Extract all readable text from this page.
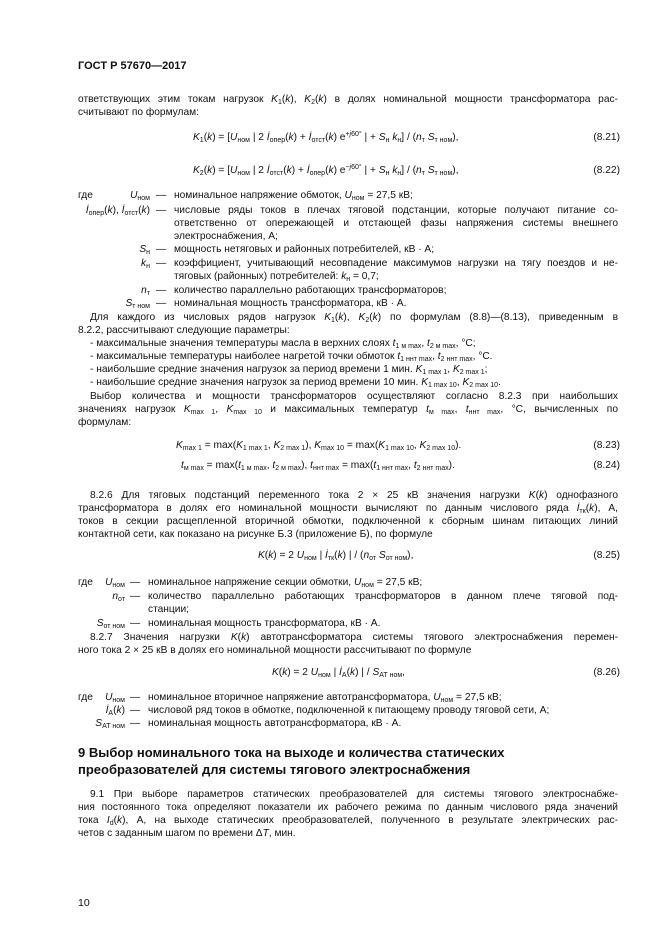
ГОСТ Р 57670—2017
ответствующих этим токам нагрузок $K_1(k)$, $K_2(k)$ в долях номинальной мощности трансформатора рас-
считывают по формулам:
$K_1(k) = [U_{ном}$ | 2 $İ_{опер}(k)$ + $İ_{отст}(k)$ $e^{+j60^\circ}$ | + $S_н$ $k_н] / (n_т$ $S_{т ном}$),	(8.21)
$K_2(k) = [U_{ном}$ | 2 $İ_{отст}(k)$ + $İ_{опер}(k)$ $e^{-j60^\circ}$ | + $S_н$ $k_н] / (n_т$ $S_{т ном}$),	(8.22)
где	$U_{ном}$ — номинальное напряжение обмоток, $U_{ном} = 27,5$ кВ;
$İ_{опер}(k)$, $İ_{отст}(k)$ — числовые ряды токов в плечах тяговой подстанции, которые получают питание со-
ответственно от опережающей и отстающей фазы напряжения системы внешнего
электроснабжения, А;
$S_н$ — мощность нетяговых и районных потребителей, кВ · А;
$k_н$ — коэффициент, учитывающий несовпадение максимумов нагрузки на тягу поездов и не-
тяговых (районных) потребителей: $k_н = 0,7$;
$n_т$ — количество параллельно работающих трансформаторов;
$S_{т ном}$ — номинальная мощность трансформатора, кВ · А.
Для каждого из числовых рядов нагрузок $K_1(k)$, $K_2(k)$ по формулам (8.8)—(8.13), приведенным в
8.2.2, рассчитывают следующие параметры:
- максимальные значения температуры масла в верхних слоях $t_{1 м max}$, $t_{2 м max}$, °С;
- максимальные температуры наиболее нагретой точки обмоток $t_{1 ннт max}$, $t_{2 ннт max}$, °С.
- наибольшие средние значения нагрузок за период времени 1 мин. $K_{1 max 1}$, $K_{2 max 1}$;
- наибольшие средние значения нагрузок за период времени 10 мин. $K_{1 max 10}$, $K_{2 max 10}$.
Выбор количества и мощности трансформаторов осуществляют согласно 8.2.3 при наибольших
значениях нагрузок $K_{max 1}$, $K_{max 10}$ и максимальных температур $t_{м max}$, $t_{ннт max}$, °С, вычисленных по
формулам:
$K_{max 1} = \max(K_{1 max 1}$, $K_{2 max 1}$), $K_{max 10} = \max(K_{1 max 10}$, $K_{2 max 10}$).	(8.23)
$t_{м max} = \max(t_{1 м max}$, $t_{2 м max}$), $t_{ннт max} = \max(t_{1 ннт max}$, $t_{2 ннт max}$).	(8.24)
8.2.6 Для тяговых подстанций переменного тока 2 × 25 кВ значения нагрузки K(k) однофазного
трансформатора в долях его номинальной мощности вычисляют по данным числового ряда $İ_{тк}(k)$, А,
токов в секции расщепленной вторичной обмотки, подключенной к сборным шинам питающих линий
контактной сети, как показано на рисунке Б.3 (приложение Б), по формуле
K(k) = 2 $U_{ном}$ | $İ_{тк}(k)$ | / ($n_{от}$ $S_{от ном}$),	(8.25)
где	$U_{ном}$ — номинальное напряжение секции обмотки, $U_{ном} = 27,5$ кВ;
$n_{от}$ — количество параллельно работающих трансформаторов в данном плече тяговой под-
станции;
$S_{от ном}$ — номинальная мощность трансформатора, кВ · А.
8.2.7 Значения нагрузки K(k) автотрансформатора системы тягового электроснабжения перемен-
ного тока 2 × 25 кВ в долях его номинальной мощности рассчитывают по формуле
K(k) = 2 $U_{ном}$ | $İ_A(k)$ | / $S_{АТ ном}$,	(8.26)
где	$U_{ном}$ — номинальное вторичное напряжение автотрансформатора, $U_{ном} = 27,5$ кВ;
$İ_A(k)$ — числовой ряд токов в обмотке, подключенной к питающему проводу тяговой сети, А;
$S_{АТ ном}$ — номинальная мощность автотрансформатора, кВ · А.
9 Выбор номинального тока на выходе и количества статических
преобразователей для системы тягового электроснабжения
9.1 При выборе параметров статических преобразователей для системы тягового электроснабже-
ния постоянного тока определяют показатели их рабочего режима по данным числового ряда значений
тока $I_d(k)$, А, на выходе статических преобразователей, полученного в результате электрических рас-
четов с заданным шагом по времени ΔT, мин.
10
